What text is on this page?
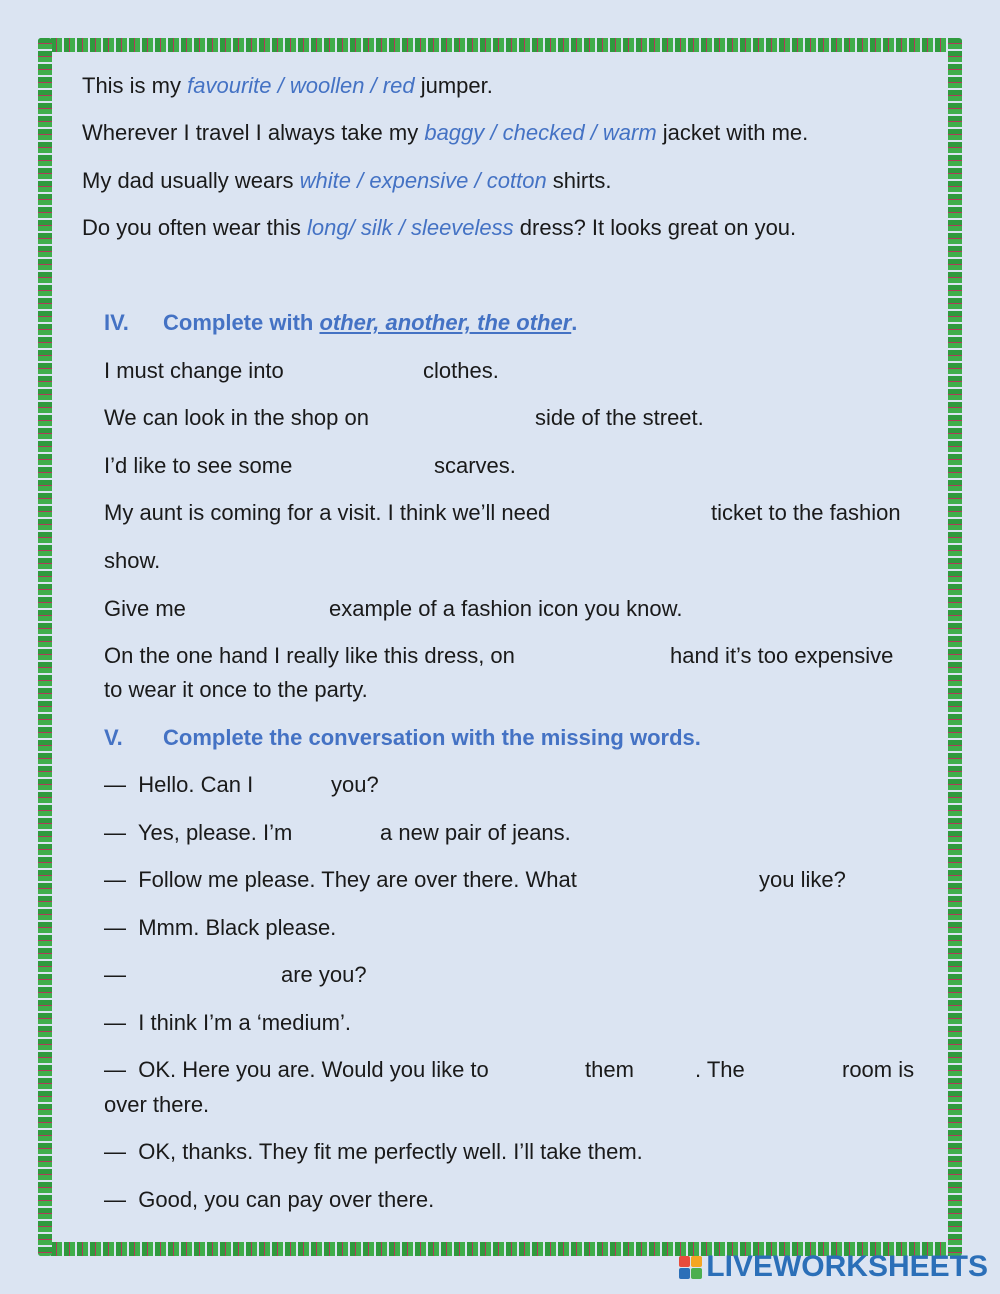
This is my favourite / woollen / red jumper.
Wherever I travel I always take my baggy / checked / warm jacket with me.
My dad usually wears white / expensive / cotton shirts.
Do you often wear this long/ silk / sleeveless dress? It looks great on you.
IV. Complete with other, another, the other.
I must change into	clothes.
We can look in the shop on	side of the street.
I’d like to see some	scarves.
My aunt is coming for a visit. I think we’ll need	ticket to the fashion
show.
Give me	example of a fashion icon you know.
On the one hand I really like this dress, on	hand it’s too expensive
to wear it once to the party.
V. Complete the conversation with the missing words.
— Hello. Can I	you?
— Yes, please. I’m	a new pair of jeans.
— Follow me please. They are over there. What	you like?
— Mmm. Black please.
—	are you?
— I think I’m a ‘medium’.
— OK. Here you are. Would you like to	them	. The	room is
over there.
— OK, thanks. They fit me perfectly well. I’ll take them.
— Good, you can pay over there.
LIVEWORKSHEETS
